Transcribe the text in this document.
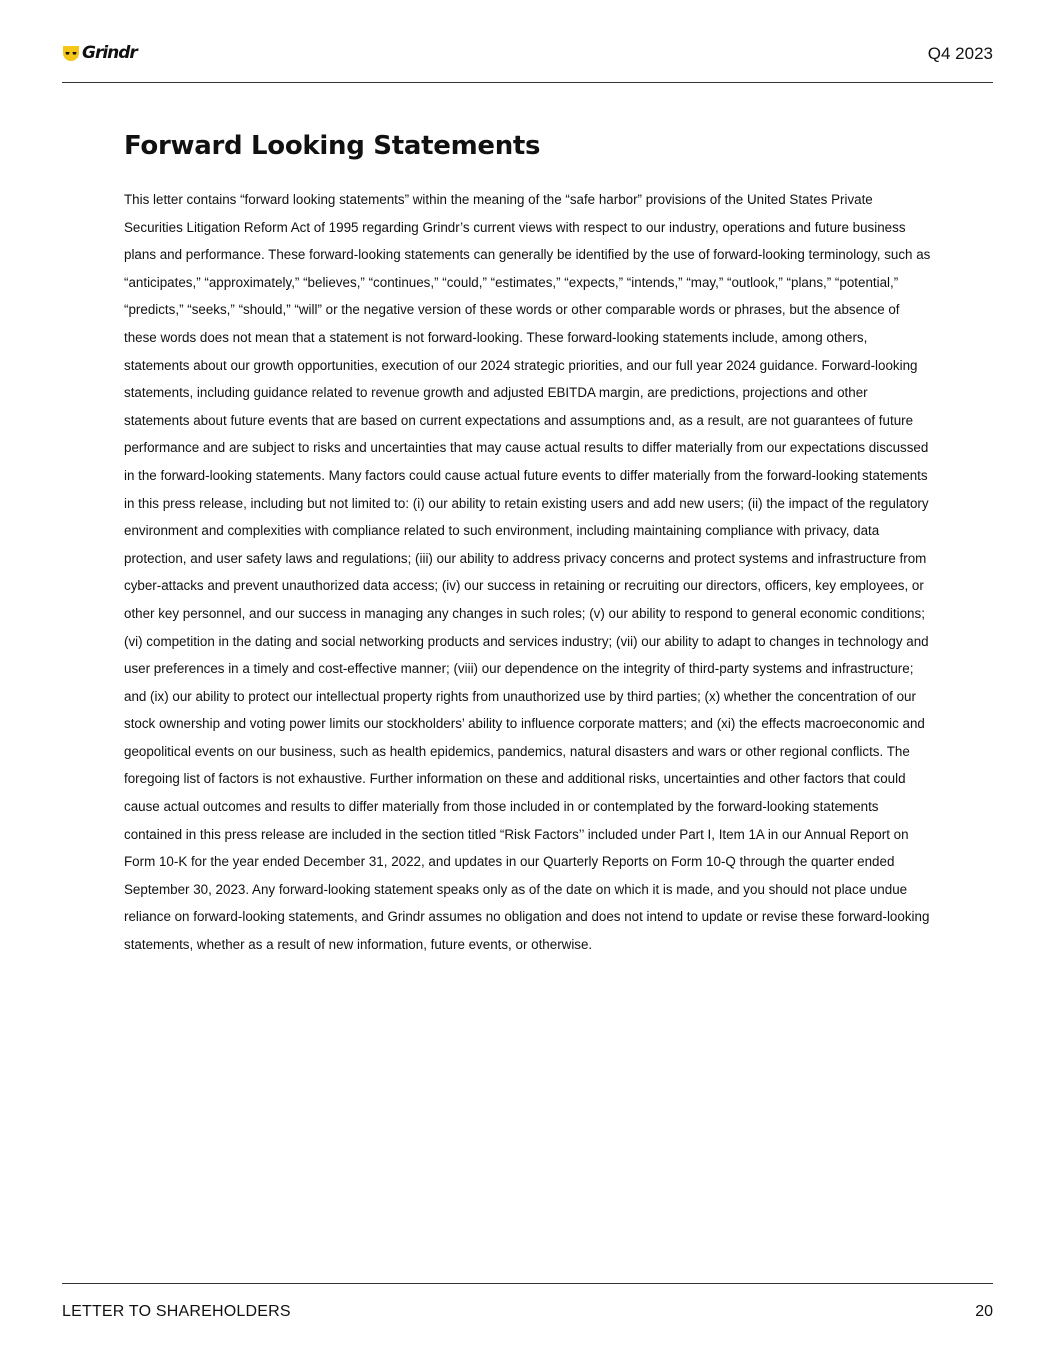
Grindr	Q4 2023
Forward Looking Statements

This letter contains “forward looking statements” within the meaning of the “safe harbor” provisions of the United States Private Securities Litigation Reform Act of 1995 regarding Grindr’s current views with respect to our industry, operations and future business plans and performance. These forward-looking statements can generally be identified by the use of forward-looking terminology, such as “anticipates,” “approximately,” “believes,” “continues,” “could,” “estimates,” “expects,” “intends,” “may,” “outlook,” “plans,” “potential,” “predicts,” “seeks,” “should,” “will” or the negative version of these words or other comparable words or phrases, but the absence of these words does not mean that a statement is not forward-looking. These forward-looking statements include, among others, statements about our growth opportunities, execution of our 2024 strategic priorities, and our full year 2024 guidance. Forward-looking statements, including guidance related to revenue growth and adjusted EBITDA margin, are predictions, projections and other statements about future events that are based on current expectations and assumptions and, as a result, are not guarantees of future performance and are subject to risks and uncertainties that may cause actual results to differ materially from our expectations discussed in the forward-looking statements. Many factors could cause actual future events to differ materially from the forward-looking statements in this press release, including but not limited to: (i) our ability to retain existing users and add new users; (ii) the impact of the regulatory environment and complexities with compliance related to such environment, including maintaining compliance with privacy, data protection, and user safety laws and regulations; (iii) our ability to address privacy concerns and protect systems and infrastructure from cyber-attacks and prevent unauthorized data access; (iv) our success in retaining or recruiting our directors, officers, key employees, or other key personnel, and our success in managing any changes in such roles; (v) our ability to respond to general economic conditions; (vi) competition in the dating and social networking products and services industry; (vii) our ability to adapt to changes in technology and user preferences in a timely and cost-effective manner; (viii) our dependence on the integrity of third-party systems and infrastructure; and (ix) our ability to protect our intellectual property rights from unauthorized use by third parties; (x) whether the concentration of our stock ownership and voting power limits our stockholders’ ability to influence corporate matters; and (xi) the effects macroeconomic and geopolitical events on our business, such as health epidemics, pandemics, natural disasters and wars or other regional conflicts. The foregoing list of factors is not exhaustive. Further information on these and additional risks, uncertainties and other factors that could cause actual outcomes and results to differ materially from those included in or contemplated by the forward-looking statements contained in this press release are included in the section titled “Risk Factors’’ included under Part I, Item 1A in our Annual Report on Form 10-K for the year ended December 31, 2022, and updates in our Quarterly Reports on Form 10-Q through the quarter ended September 30, 2023. Any forward-looking statement speaks only as of the date on which it is made, and you should not place undue reliance on forward-looking statements, and Grindr assumes no obligation and does not intend to update or revise these forward-looking statements, whether as a result of new information, future events, or otherwise.

LETTER TO SHAREHOLDERS	20
